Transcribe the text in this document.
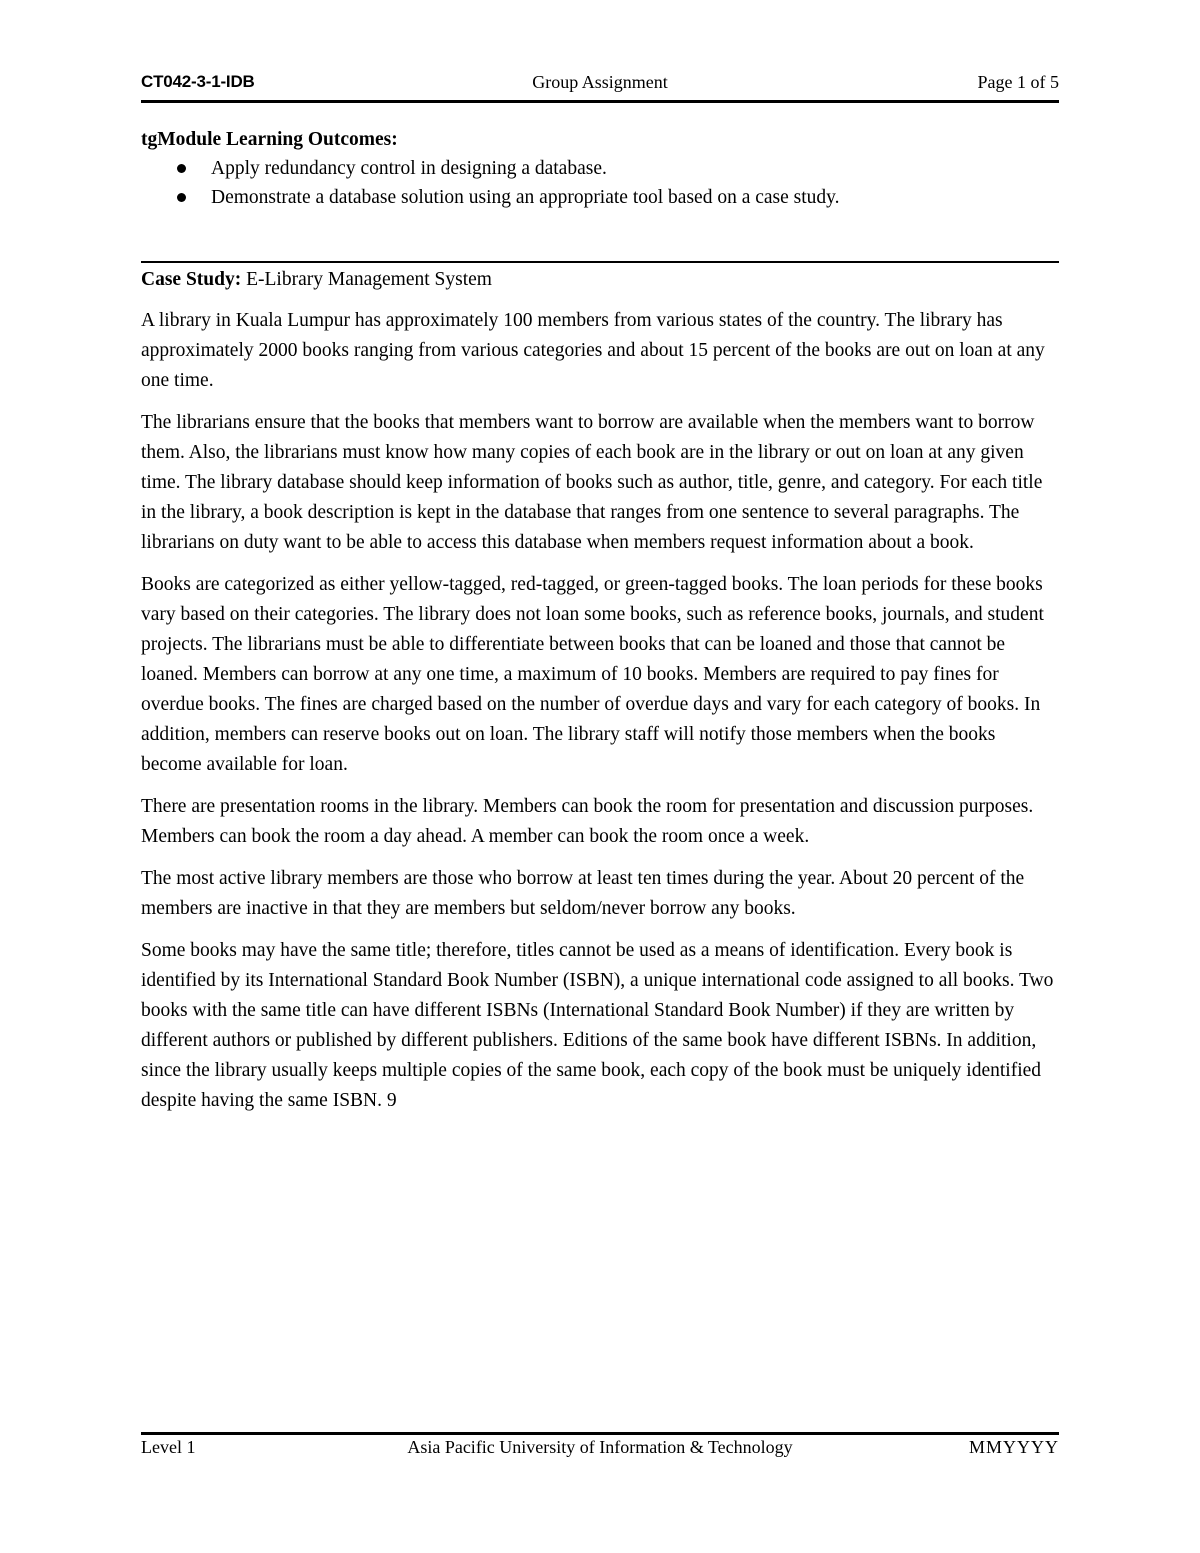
CT042-3-1-IDB	Group Assignment	Page 1 of 5
tgModule Learning Outcomes:
Apply redundancy control in designing a database.
Demonstrate a database solution using an appropriate tool based on a case study.
Case Study: E-Library Management System

A library in Kuala Lumpur has approximately 100 members from various states of the country. The library has approximately 2000 books ranging from various categories and about 15 percent of the books are out on loan at any one time.

The librarians ensure that the books that members want to borrow are available when the members want to borrow them. Also, the librarians must know how many copies of each book are in the library or out on loan at any given time. The library database should keep information of books such as author, title, genre, and category. For each title in the library, a book description is kept in the database that ranges from one sentence to several paragraphs. The librarians on duty want to be able to access this database when members request information about a book.

Books are categorized as either yellow-tagged, red-tagged, or green-tagged books. The loan periods for these books vary based on their categories. The library does not loan some books, such as reference books, journals, and student projects. The librarians must be able to differentiate between books that can be loaned and those that cannot be loaned. Members can borrow at any one time, a maximum of 10 books. Members are required to pay fines for overdue books. The fines are charged based on the number of overdue days and vary for each category of books. In addition, members can reserve books out on loan. The library staff will notify those members when the books become available for loan.

There are presentation rooms in the library. Members can book the room for presentation and discussion purposes. Members can book the room a day ahead. A member can book the room once a week.

The most active library members are those who borrow at least ten times during the year. About 20 percent of the members are inactive in that they are members but seldom/never borrow any books.

Some books may have the same title; therefore, titles cannot be used as a means of identification. Every book is identified by its International Standard Book Number (ISBN), a unique international code assigned to all books. Two books with the same title can have different ISBNs (International Standard Book Number) if they are written by different authors or published by different publishers. Editions of the same book have different ISBNs. In addition, since the library usually keeps multiple copies of the same book, each copy of the book must be uniquely identified despite having the same ISBN. 9

Level 1	Asia Pacific University of Information & Technology	MMYYYY
